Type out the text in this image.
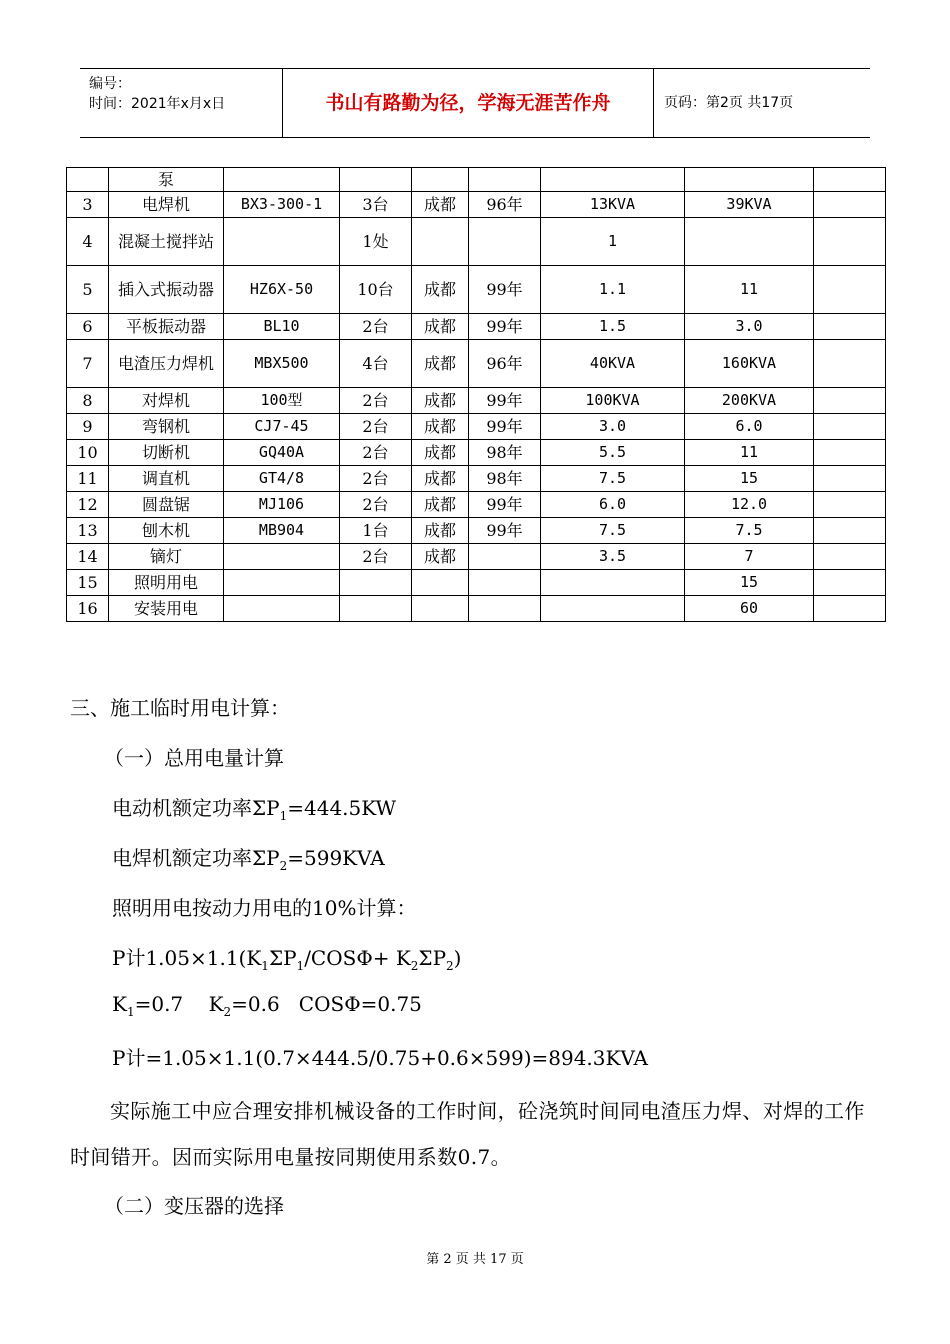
编号：
时间：2021年x月x日	书山有路勤为径，学海无涯苦作舟	页码：第2页 共17页
	泵							
3	电焊机	BX3-300-1	3台	成都	96年	13KVA	39KVA	
4	混凝土搅拌站		1处			1		
5	插入式振动器	HZ6X-50	10台	成都	99年	1.1	11	
6	平板振动器	BL10	2台	成都	99年	1.5	3.0	
7	电渣压力焊机	MBX500	4台	成都	96年	40KVA	160KVA	
8	对焊机	100型	2台	成都	99年	100KVA	200KVA	
9	弯钢机	CJ7-45	2台	成都	99年	3.0	6.0	
10	切断机	GQ40A	2台	成都	98年	5.5	11	
11	调直机	GT4/8	2台	成都	98年	7.5	15	
12	圆盘锯	MJ106	2台	成都	99年	6.0	12.0	
13	刨木机	MB904	1台	成都	99年	7.5	7.5	
14	镝灯		2台	成都		3.5	7	
15	照明用电						15	
16	安装用电						60	
三、施工临时用电计算：
（一）总用电量计算
电动机额定功率$\Sigma P_1=444.5KW$
电焊机额定功率$\Sigma P_2=599KVA$
照明用电按动力用电的10%计算：
P计$1.05\times 1.1(K_1\Sigma P_1/COS\Phi+ K_2\Sigma P_2)$
$K_1=0.7$    $K_2=0.6$   COSΦ=0.75
P计=1.05×1.1(0.7×444.5/0.75+0.6×599)=894.3KVA
实际施工中应合理安排机械设备的工作时间，砼浇筑时间同电渣压力焊、对焊的工作时间错开。因而实际用电量按同期使用系数0.7。
（二）变压器的选择
第 2 页 共 17 页
